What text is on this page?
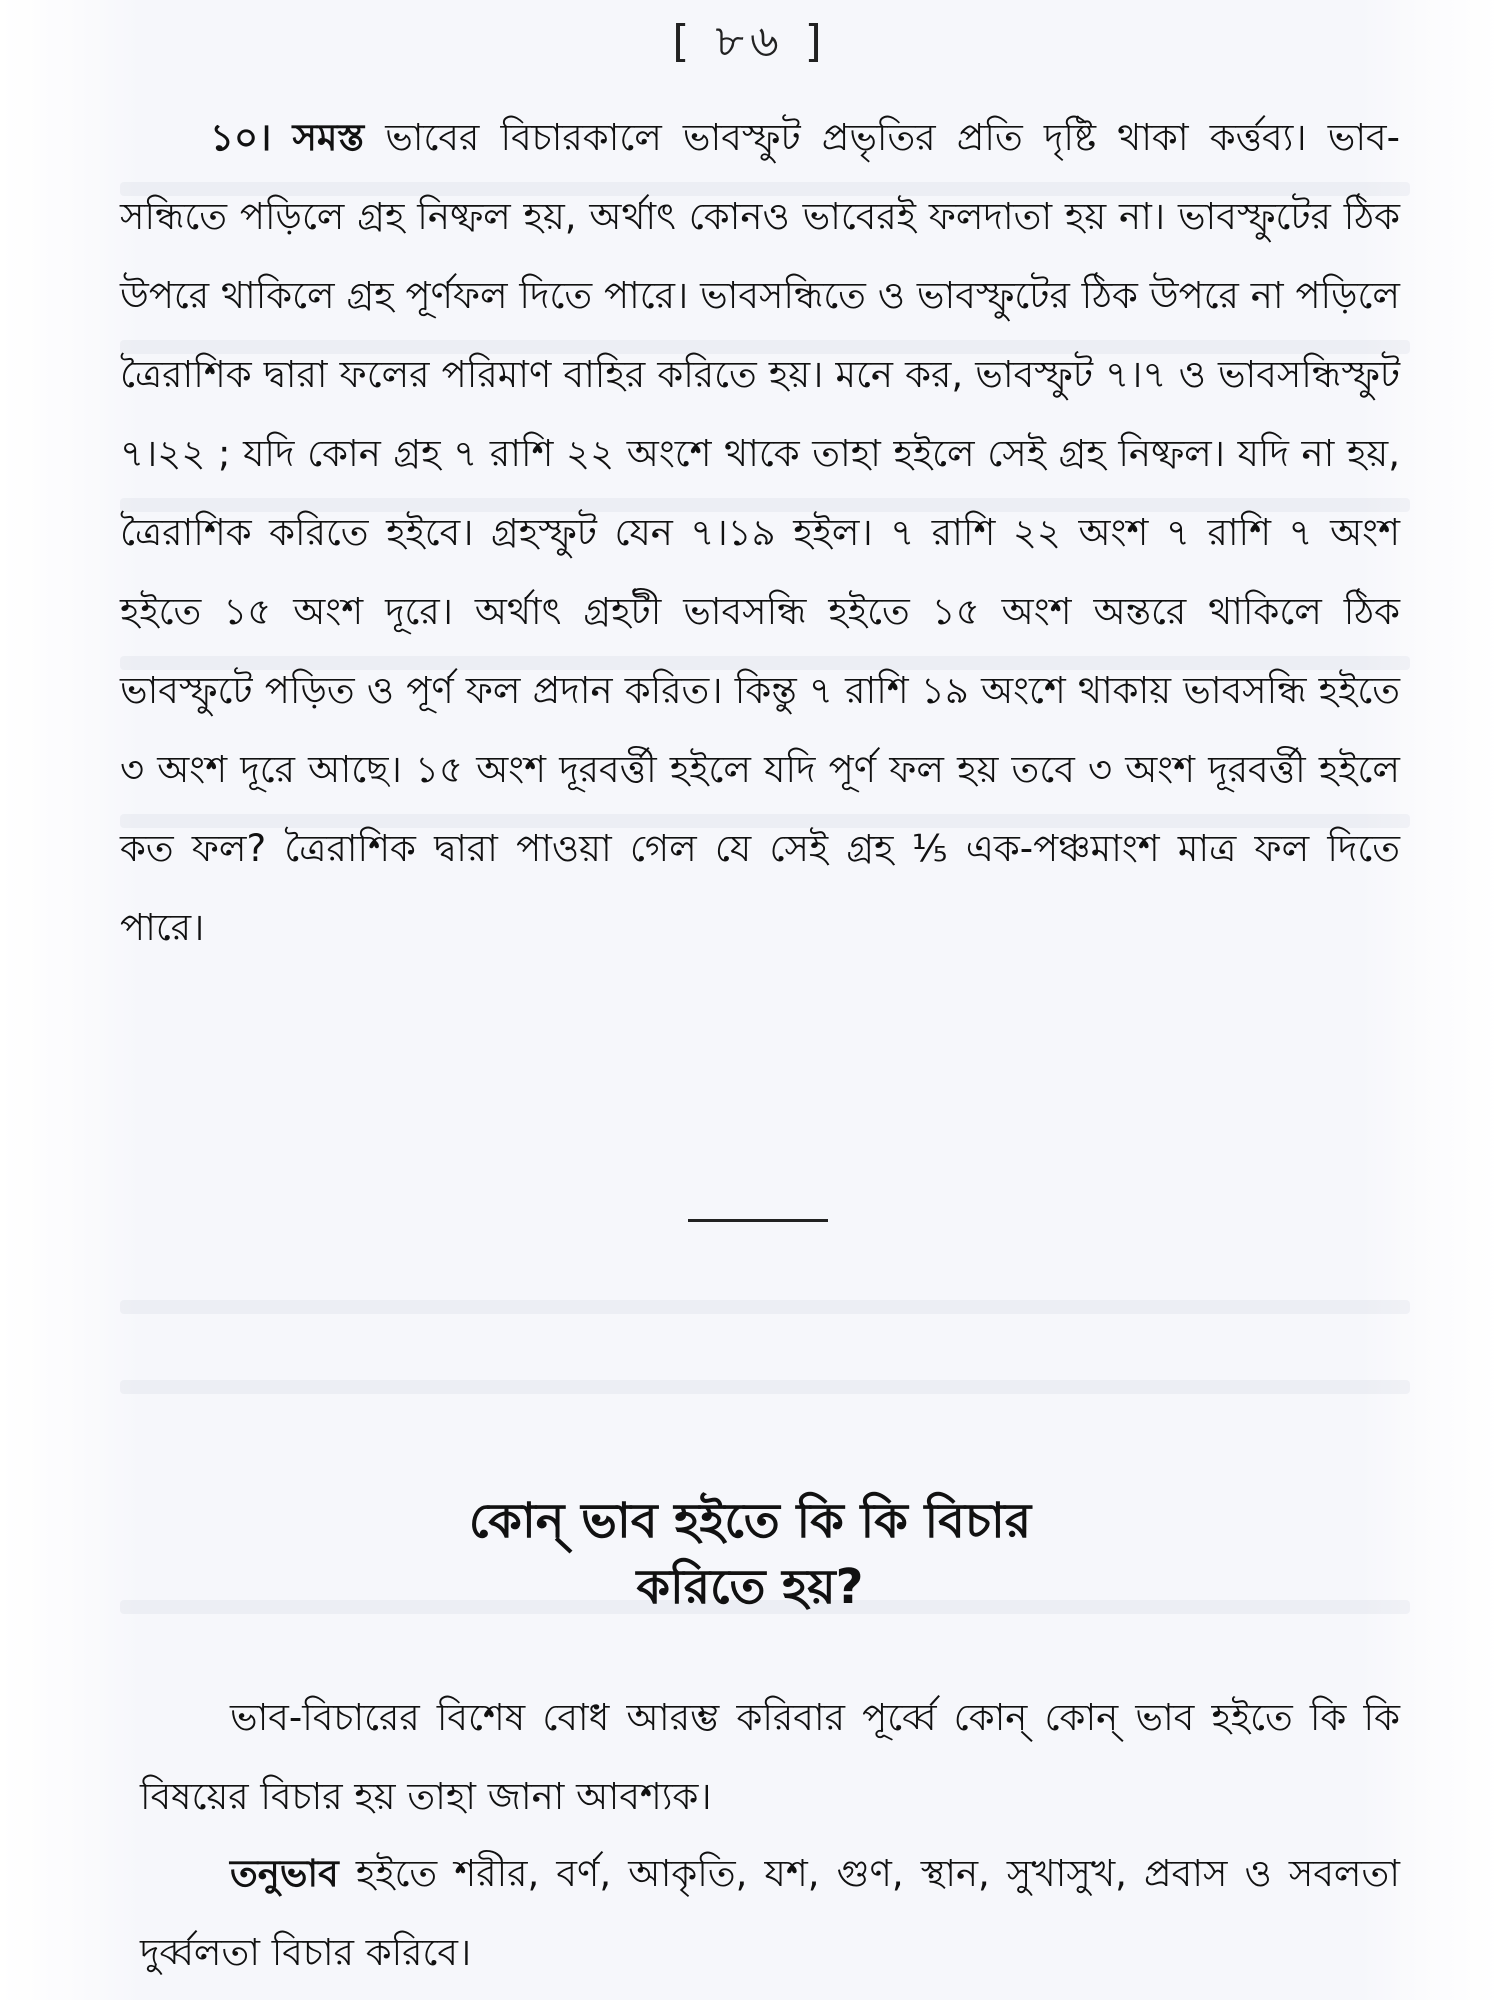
[ ৮৬ ]

১০। সমস্ত ভাবের বিচারকালে ভাবস্ফুট প্রভৃতির প্রতি দৃষ্টি থাকা কর্ত্তব্য। ভাব-সন্ধিতে পড়িলে গ্রহ নিষ্ফল হয়, অর্থাৎ কোনও ভাবেরই ফলদাতা হয় না। ভাবস্ফুটের ঠিক উপরে থাকিলে গ্রহ পূর্ণফল দিতে পারে। ভাবসন্ধিতে ও ভাবস্ফুটের ঠিক উপরে না পড়িলে ত্রৈরাশিক দ্বারা ফলের পরিমাণ বাহির করিতে হয়। মনে কর, ভাবস্ফুট ৭।৭ ও ভাবসন্ধিস্ফুট ৭।২২ ; যদি কোন গ্রহ ৭ রাশি ২২ অংশে থাকে তাহা হইলে সেই গ্রহ নিষ্ফল। যদি না হয়, ত্রৈরাশিক করিতে হইবে। গ্রহস্ফুট যেন ৭।১৯ হইল। ৭ রাশি ২২ অংশ ৭ রাশি ৭ অংশ হইতে ১৫ অংশ দূরে। অর্থাৎ গ্রহটী ভাবসন্ধি হইতে ১৫ অংশ অন্তরে থাকিলে ঠিক ভাবস্ফুটে পড়িত ও পূর্ণ ফল প্রদান করিত। কিন্তু ৭ রাশি ১৯ অংশে থাকায় ভাবসন্ধি হইতে ৩ অংশ দূরে আছে। ১৫ অংশ দূরবর্ত্তী হইলে যদি পূর্ণ ফল হয় তবে ৩ অংশ দূরবর্ত্তী হইলে কত ফল? ত্রৈরাশিক দ্বারা পাওয়া গেল যে সেই গ্রহ ⅕ এক-পঞ্চমাংশ মাত্র ফল দিতে পারে।

কোন্ ভাব হইতে কি কি বিচার
করিতে হয়?

ভাব-বিচারের বিশেষ বোধ আরম্ভ করিবার পূর্ব্বে কোন্ কোন্ ভাব হইতে কি কি বিষয়ের বিচার হয় তাহা জানা আবশ্যক।

তনুভাব হইতে শরীর, বর্ণ, আকৃতি, যশ, গুণ, স্থান, সুখাসুখ, প্রবাস ও সবলতা দুর্ব্বলতা বিচার করিবে।
